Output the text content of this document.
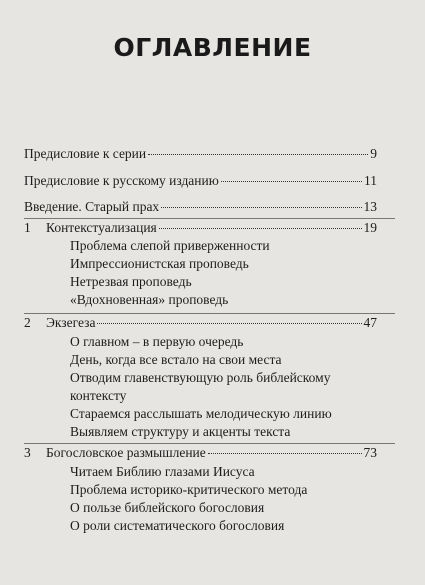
ОГЛАВЛЕНИЕ
Предисловие к серии	9
Предисловие к русскому изданию	11
Введение. Старый прах	13
1	Контекстуализация	19
Проблема слепой приверженности
Импрессионистская проповедь
Нетрезвая проповедь
«Вдохновенная» проповедь
2	Экзегеза	47
О главном – в первую очередь
День, когда все встало на свои места
Отводим главенствующую роль библейскому
контексту
Стараемся расслышать мелодическую линию
Выявляем структуру и акценты текста
3	Богословское размышление	73
Читаем Библию глазами Иисуса
Проблема историко-критического метода
О пользе библейского богословия
О роли систематического богословия
